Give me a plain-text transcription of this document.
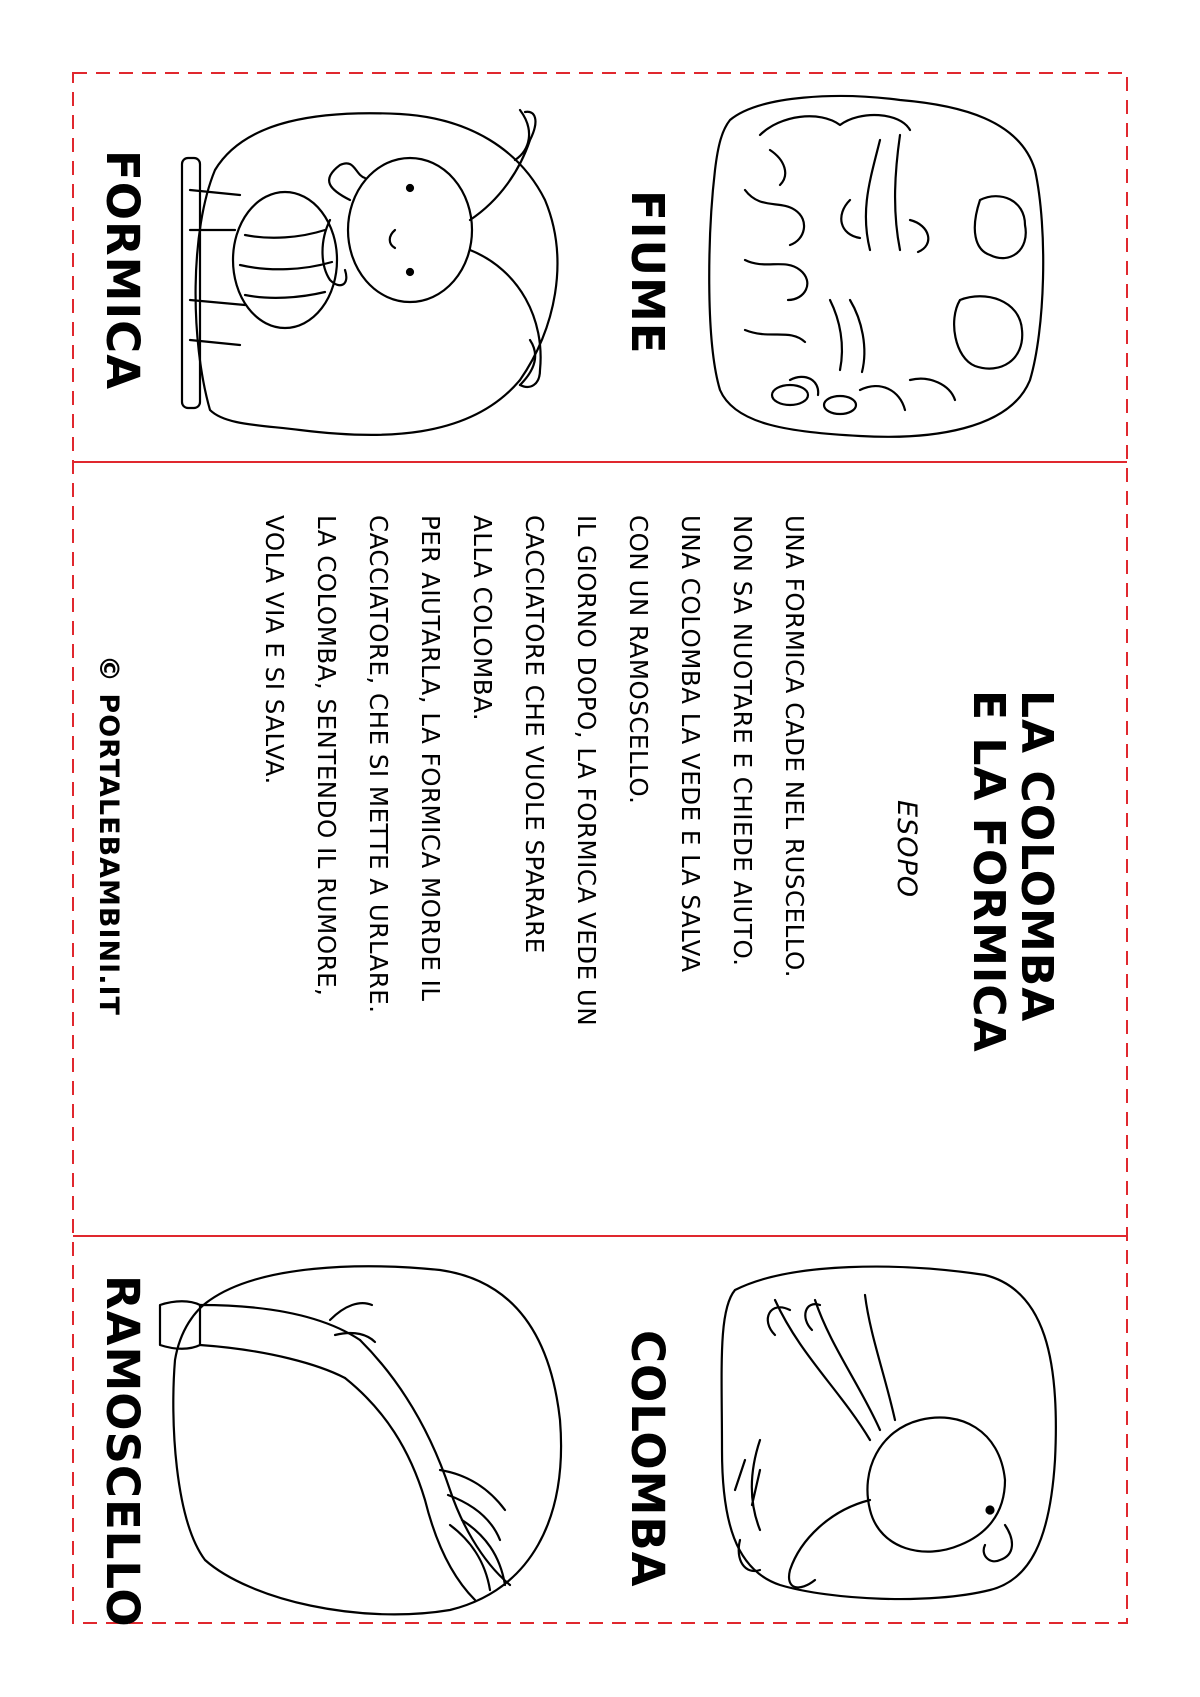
FORMICA	FIUME
COLOMBA
RAMOSCELLO
LA COLOMBA
E LA FORMICA
ESOPO

UNA FORMICA CADE NEL RUSCELLO.

NON SA NUOTARE E CHIEDE AIUTO.

UNA COLOMBA LA VEDE E LA SALVA

CON UN RAMOSCELLO.

IL GIORNO DOPO, LA FORMICA VEDE UN

CACCIATORE CHE VUOLE SPARARE

ALLA COLOMBA.

PER AIUTARLA, LA FORMICA MORDE IL

CACCIATORE, CHE SI METTE A URLARE.

LA COLOMBA, SENTENDO IL RUMORE,

VOLA VIA E SI SALVA.

© PORTALEBAMBINI.IT
